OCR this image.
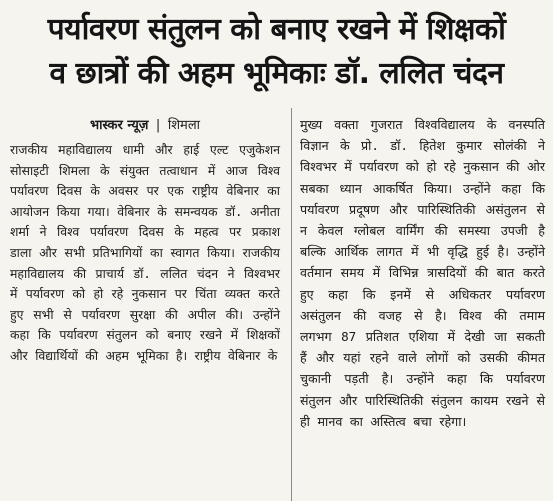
पर्यावरण संतुलन को बनाए रखने में शिक्षकों
व छात्रों की अहम भूमिकाः डॉ. ललित चंदन
भास्कर न्यूज़ | शिमला

राजकीय महाविद्यालय धामी और हाई एल्ट एजुकेशन सोसाइटी शिमला के संयुक्त तत्वाधान में आज विश्व पर्यावरण दिवस के अवसर पर एक राष्ट्रीय वेबिनार का आयोजन किया गया। वेबिनार के समन्वयक डॉ. अनीता शर्मा ने विश्व पर्यावरण दिवस के महत्व पर प्रकाश डाला और सभी प्रतिभागियों का स्वागत किया। राजकीय महाविद्यालय की प्राचार्य डॉ. ललित चंदन ने विश्वभर में पर्यावरण को हो रहे नुकसान पर चिंता व्यक्त करते हुए सभी से पर्यावरण सुरक्षा की अपील की। उन्होंने कहा कि पर्यावरण संतुलन को बनाए रखने में शिक्षकों और विद्यार्थियों की अहम भूमिका है। राष्ट्रीय वेबिनार के

मुख्य वक्ता गुजरात विश्वविद्यालय के वनस्पति विज्ञान के प्रो. डॉ. हितेश कुमार सोलंकी ने विश्वभर में पर्यावरण को हो रहे नुकसान की ओर सबका ध्यान आकर्षित किया। उन्होंने कहा कि पर्यावरण प्रदूषण और पारिस्थितिकी असंतुलन से न केवल ग्लोबल वार्मिंग की समस्या उपजी है बल्कि आर्थिक लागत में भी वृद्धि हुई है। उन्होंने वर्तमान समय में विभिन्न त्रासदियों की बात करते हुए कहा कि इनमें से अधिकतर पर्यावरण असंतुलन की वजह से है। विश्व की तमाम लगभग 87 प्रतिशत एशिया में देखी जा सकती हैं और यहां रहने वाले लोगों को उसकी कीमत चुकानी पड़ती है। उन्होंने कहा कि पर्यावरण संतुलन और पारिस्थितिकी संतुलन कायम रखने से ही मानव का अस्तित्व बचा रहेगा।
